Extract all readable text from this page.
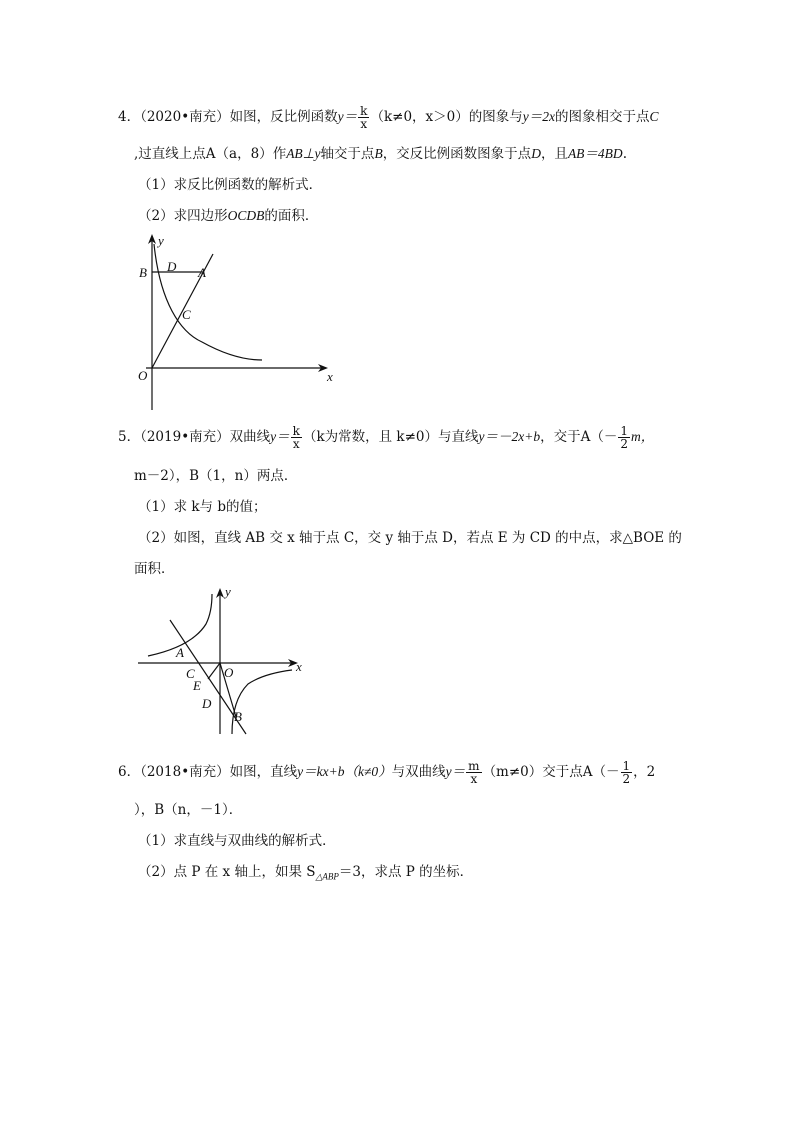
4．（2020•南充）如图，反比例函数$y= \frac{k}{x} (k\ne 0$，x＞0）的图象与y＝2x的图象相交于点C
,过直线上点A（a，8）作AB⊥y轴交于点B，交反比例函数图象于点D，且AB＝4BD.
（1）求反比例函数的解析式．
（2）求四边形OCDB的面积．
y
B D A
C
O	x
5．（2019•南充）双曲线$y= \frac{k}{x} (k$为常数，且 k≠0）与直线y＝－2x+b，交于$A(- \frac{1}{2}$ m，
m－2），B（1，n）两点．
（1）求 k与 b的值；
（2）如图，直线 AB 交 x 轴于点 C，交 y 轴于点 D，若点 E 为 CD 的中点，求△BOE 的
面积．
y
x
A
C O
E
D
B
6．（2018•南充）如图，直线y＝kx+b（k≠0）与双曲线$y= \frac{m}{x} (m\ne 0)$交于点$A(- \frac{1}{2}$ ，2
），B（n，－1）．
（1）求直线与双曲线的解析式．
（2）点 P 在 x 轴上，如果 $S_{\triangle ABP}=3$，求点 P 的坐标．
